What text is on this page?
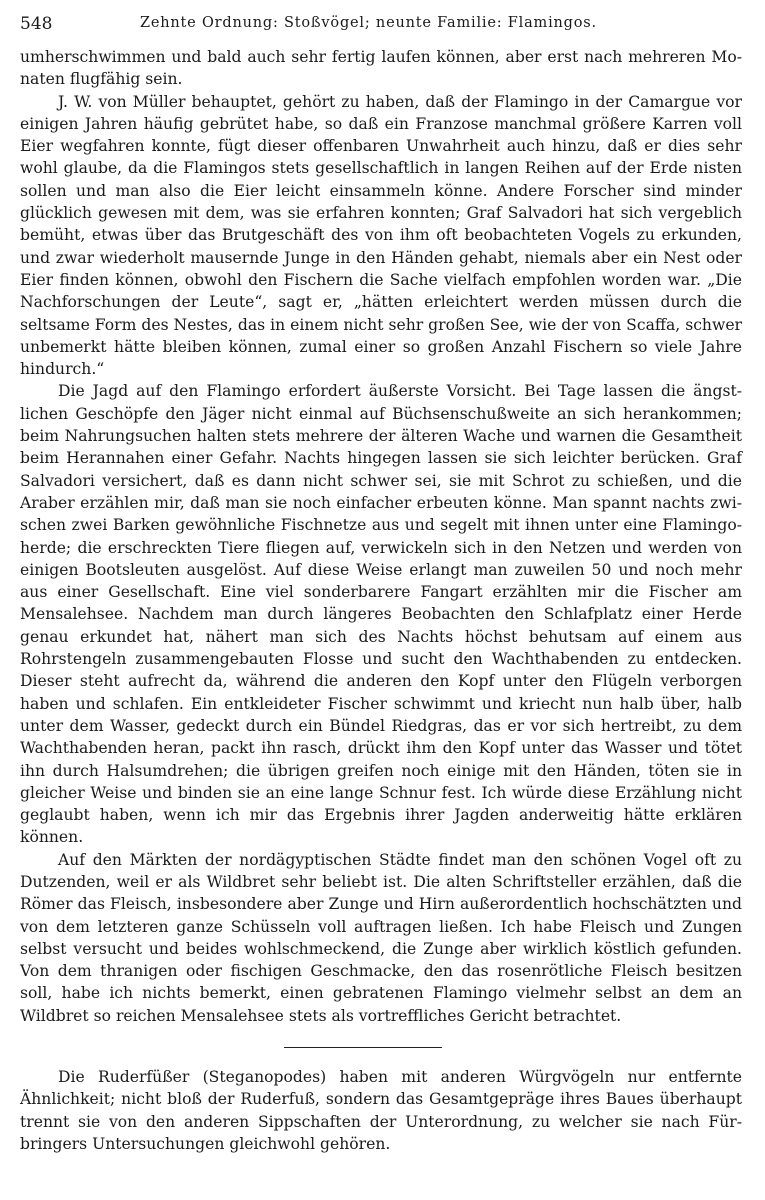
548	Zehnte Ordnung: Stoßvögel; neunte Familie: Flamingos.

umherschwimmen und bald auch sehr fertig laufen können, aber erst nach mehreren Monaten flugfähig sein.

J. W. von Müller behauptet, gehört zu haben, daß der Flamingo in der Camargue vor einigen Jahren häufig gebrütet habe, so daß ein Franzose manchmal größere Karren voll Eier wegfahren konnte, fügt dieser offenbaren Unwahrheit auch hinzu, daß er dies sehr wohl glaube, da die Flamingos stets gesellschaftlich in langen Reihen auf der Erde nisten sollen und man also die Eier leicht einsammeln könne. Andere Forscher sind minder glücklich gewesen mit dem, was sie erfahren konnten; Graf Salvadori hat sich vergeblich bemüht, etwas über das Brutgeschäft des von ihm oft beobachteten Vogels zu erkunden, und zwar wiederholt mausernde Junge in den Händen gehabt, niemals aber ein Nest oder Eier finden können, obwohl den Fischern die Sache vielfach empfohlen worden war. „Die Nachforschungen der Leute“, sagt er, „hätten erleichtert werden müssen durch die seltsame Form des Nestes, das in einem nicht sehr großen See, wie der von Scaffa, schwer unbemerkt hätte bleiben können, zumal einer so großen Anzahl Fischern so viele Jahre hindurch.“

Die Jagd auf den Flamingo erfordert äußerste Vorsicht. Bei Tage lassen die ängstlichen Geschöpfe den Jäger nicht einmal auf Büchsenschußweite an sich herankommen; beim Nahrungsuchen halten stets mehrere der älteren Wache und warnen die Gesamtheit beim Herannahen einer Gefahr. Nachts hingegen lassen sie sich leichter berücken. Graf Salvadori versichert, daß es dann nicht schwer sei, sie mit Schrot zu schießen, und die Araber erzählen mir, daß man sie noch einfacher erbeuten könne. Man spannt nachts zwischen zwei Barken gewöhnliche Fischnetze aus und segelt mit ihnen unter eine Flamingoherde; die erschreckten Tiere fliegen auf, verwickeln sich in den Netzen und werden von einigen Bootsleuten ausgelöst. Auf diese Weise erlangt man zuweilen 50 und noch mehr aus einer Gesellschaft. Eine viel sonderbarere Fangart erzählten mir die Fischer am Mensalehsee. Nachdem man durch längeres Beobachten den Schlafplatz einer Herde genau erkundet hat, nähert man sich des Nachts höchst behutsam auf einem aus Rohrstengeln zusammengebauten Flosse und sucht den Wachthabenden zu entdecken. Dieser steht aufrecht da, während die anderen den Kopf unter den Flügeln verborgen haben und schlafen. Ein entkleideter Fischer schwimmt und kriecht nun halb über, halb unter dem Wasser, gedeckt durch ein Bündel Riedgras, das er vor sich hertreibt, zu dem Wachthabenden heran, packt ihn rasch, drückt ihm den Kopf unter das Wasser und tötet ihn durch Halsumdrehen; die übrigen greifen noch einige mit den Händen, töten sie in gleicher Weise und binden sie an eine lange Schnur fest. Ich würde diese Erzählung nicht geglaubt haben, wenn ich mir das Ergebnis ihrer Jagden anderweitig hätte erklären können.

Auf den Märkten der nordägyptischen Städte findet man den schönen Vogel oft zu Dutzenden, weil er als Wildbret sehr beliebt ist. Die alten Schriftsteller erzählen, daß die Römer das Fleisch, insbesondere aber Zunge und Hirn außerordentlich hochschätzten und von dem letzteren ganze Schüsseln voll auftragen ließen. Ich habe Fleisch und Zungen selbst versucht und beides wohlschmeckend, die Zunge aber wirklich köstlich gefunden. Von dem thranigen oder fischigen Geschmacke, den das rosenrötliche Fleisch besitzen soll, habe ich nichts bemerkt, einen gebratenen Flamingo vielmehr selbst an dem an Wildbret so reichen Mensalehsee stets als vortreffliches Gericht betrachtet.

Die Ruderfüßer (Steganopodes) haben mit anderen Würgvögeln nur entfernte Ähnlichkeit; nicht bloß der Ruderfuß, sondern das Gesamtgepräge ihres Baues überhaupt trennt sie von den anderen Sippschaften der Unterordnung, zu welcher sie nach Fürbringers Untersuchungen gleichwohl gehören.
